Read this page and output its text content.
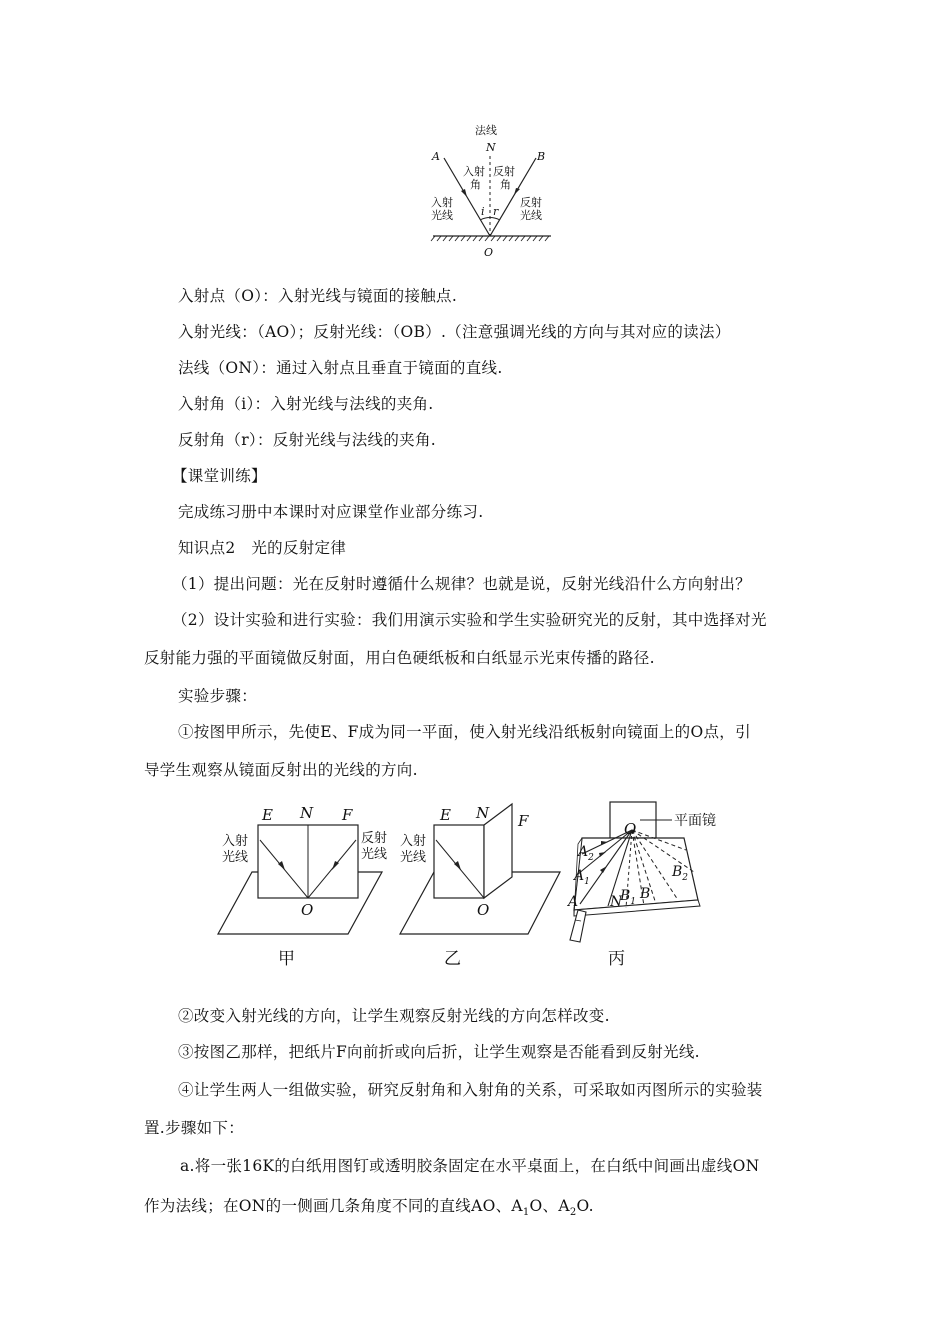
法线
N
A	B
入射
角
反射
角
入射
光线
反射
光线
i r
O
入射点（O）：入射光线与镜面的接触点.
入射光线：（AO）；反射光线：（OB）.（注意强调光线的方向与其对应的读法）
法线（ON）：通过入射点且垂直于镜面的直线.
入射角（i）：入射光线与法线的夹角.
反射角（r）：反射光线与法线的夹角.
【课堂训练】
完成练习册中本课时对应课堂作业部分练习.
知识点2　光的反射定律
（1）提出问题：光在反射时遵循什么规律？也就是说，反射光线沿什么方向射出？
（2）设计实验和进行实验：我们用演示实验和学生实验研究光的反射，其中选择对光
反射能力强的平面镜做反射面，用白色硬纸板和白纸显示光束传播的路径.
实验步骤：
①按图甲所示，先使E、F成为同一平面，使入射光线沿纸板射向镜面上的O点，引
导学生观察从镜面反射出的光线的方向.
E N F
入射
光线
反射
光线
O
甲
E N F
入射
光线
O
乙
平面镜
O
$A_2$
$A_1$
A N
$B_1$ B
$B_2$
丙
②改变入射光线的方向，让学生观察反射光线的方向怎样改变.
③按图乙那样，把纸片F向前折或向后折，让学生观察是否能看到反射光线.
④让学生两人一组做实验，研究反射角和入射角的关系，可采取如丙图所示的实验装
置.步骤如下：
a.将一张16K的白纸用图钉或透明胶条固定在水平桌面上，在白纸中间画出虚线ON
作为法线；在ON的一侧画几条角度不同的直线AO、$A_1O$、$A_2O$.
